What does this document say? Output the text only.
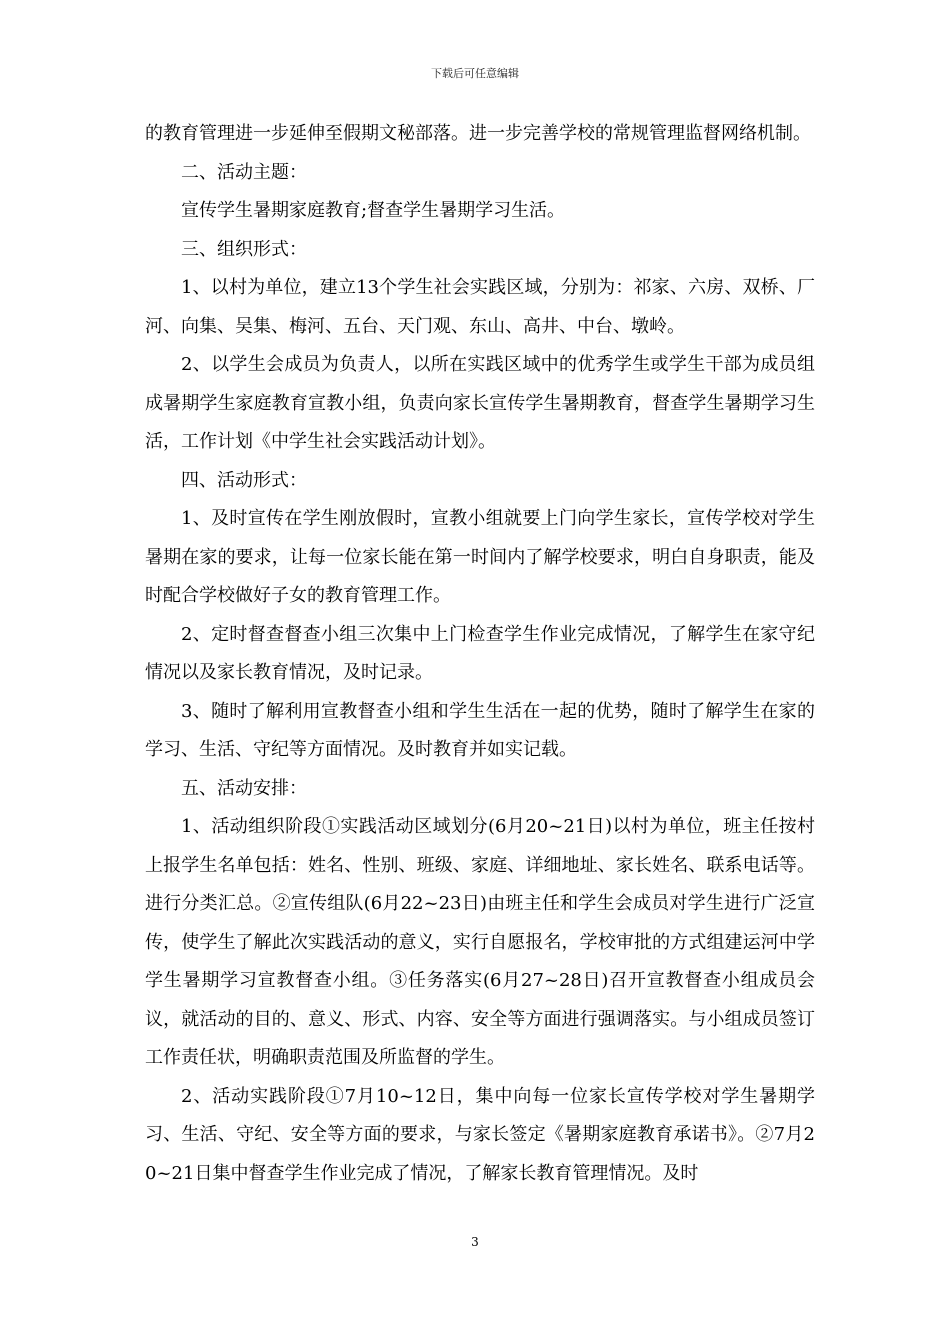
下载后可任意编辑

的教育管理进一步延伸至假期文秘部落。进一步完善学校的常规管理监督网络机制。

二、活动主题：

宣传学生暑期家庭教育;督查学生暑期学习生活。

三、组织形式：

1、以村为单位，建立13个学生社会实践区域，分别为：祁家、六房、双桥、厂河、向集、吴集、梅河、五台、天门观、东山、高井、中台、墩岭。

2、以学生会成员为负责人，以所在实践区域中的优秀学生或学生干部为成员组成暑期学生家庭教育宣教小组，负责向家长宣传学生暑期教育，督查学生暑期学习生活，工作计划《中学生社会实践活动计划》。

四、活动形式：

1、及时宣传在学生刚放假时，宣教小组就要上门向学生家长，宣传学校对学生暑期在家的要求，让每一位家长能在第一时间内了解学校要求，明白自身职责，能及时配合学校做好子女的教育管理工作。

2、定时督查督查小组三次集中上门检查学生作业完成情况，了解学生在家守纪情况以及家长教育情况，及时记录。

3、随时了解利用宣教督查小组和学生生活在一起的优势，随时了解学生在家的学习、生活、守纪等方面情况。及时教育并如实记载。

五、活动安排：

1、活动组织阶段①实践活动区域划分(6月20~21日)以村为单位，班主任按村上报学生名单包括：姓名、性别、班级、家庭、详细地址、家长姓名、联系电话等。进行分类汇总。②宣传组队(6月22~23日)由班主任和学生会成员对学生进行广泛宣传，使学生了解此次实践活动的意义，实行自愿报名，学校审批的方式组建运河中学学生暑期学习宣教督查小组。③任务落实(6月27~28日)召开宣教督查小组成员会议，就活动的目的、意义、形式、内容、安全等方面进行强调落实。与小组成员签订工作责任状，明确职责范围及所监督的学生。

2、活动实践阶段①7月10~12日，集中向每一位家长宣传学校对学生暑期学习、生活、守纪、安全等方面的要求，与家长签定《暑期家庭教育承诺书》。②7月20~21日集中督查学生作业完成了情况，了解家长教育管理情况。及时

3
